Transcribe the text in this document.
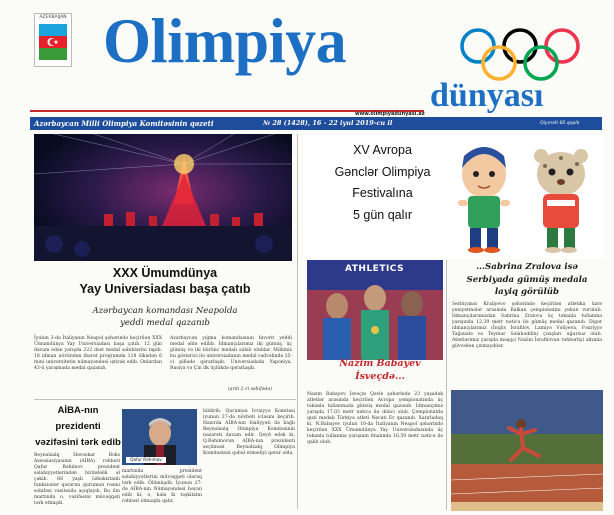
AZERBAIJAN Olimpiya
dünyası
www.olimpiyadunyasi.az
Azərbaycan Milli Olimpiya Komitəsinin qəzeti	№ 28 (1428), 16 - 22 iyul 2019-cu il	Qiyməti 60 qəpik
XXX Ümumdünya
Yay Universiadası başa çatıb
Azərbaycan komandası Neapolda
yeddi medal qazanıb
İyulun 3-də İtaliyanın Neapol şəhərində keçirilən XXX Ümumdünya Yay Universiadası başa çatıb. 12 gün davam edən yarışda 222 dəst medal sahiblərini tapıb. 18 idman növündən ibarət proqramda 118 ölkədən 6 mini universitetin nümayəndəsi iştirak edib. Onlardan 43-ü yarışmada medal qazanıb.
Azərbaycan yığma komandasının favorit yeddi medal əldə edilib. İdmançılarımız iki gümüş, üç gümüş və iki bürünc medalı sahib olublar. Millimiz bu göstərici ilə universiadanın medal cədvəlində 35-ci pillədə qərarlaşıb. Universiadada Yaponiya, Rusiya və Çin ilk üçlükdə qərarlaşıb.
(ardı 2-ci səhifədə)
XV Avropa
Gənclər Olimpiya
Festivalına
5 gün qalır
ATHLETICS
Nazim Babayev
İsveçdə...
Nazim Babayev İsveçin Qəvle şəhərində 23 yaşadək atletlər arasında keçirilən Avropa çempionatında üç təkanla tullanmada gümüş medal qazanıb. İdmançımız yarışda 17.03 metr nəticə ilə ikinci olub. Çempionatda qızıl medalı Türkiyə atleti Necati Er qazanıb. Xatırladaq ki, N.Babayev iyulun 10-da İtaliyanın Neapol şəhərində keçirilən XXX Ümumdünya Yay Universiadasında üç təkanla tullanma yarışının finalında 16,59 metr nəticə ilə qalib olub.
...Sabrina Zralova isə
Serbiyada gümüş medala
layiq görülüb
Serbiyanın Kraliyevo şəhərində keçirilən atletika üzrə yeniyetmələr arasında Balkan çempionatını yekun vurulub. İdmançılarımızdan Sabrina Zralova üç təkanla tullanma yarışında 12,39 metr nəticə ilə gümüş medal qazanıb. Digər idmançılarımız (İnqlis İsrafilov, Lamiyə Vəliyeva, Fəxriyyə Tağızadə və Teymur Səlahəddin) çıxışları uğursuz olub. Atletlərimiz yarışda məşqçi Nazim İsrafilovun rəhbərliyi altında güvvədən çıxmayıblar.
AİBA-nın
prezidenti
vəzifəsini tərk edib
Beynəlxalq Həvəskar Boks Assosiasiyasının (AİBA) rəhbəri Qafur Rəhimov prezident səlahiyyətlərindən birdəfəlik əl çəkib. 68 yaşlı özbəkistanlı funksioner qərarını qurumun rəsmi səhifəsi vasitəsilə açıqlayıb. Bu ilin martında o, vəzifəsini müvəqqəti tərk etmişdi.
Qafur Rəhimov
bildirib. Qurumun İcraiyyə Komitəsi iyunun 27-də növbəti iclasını keçirib. Hazırda AİBA-nın fəaliyyəti ilə bağlı Beynəlxalq Olimpiya Komitəsinin nəzarəti davam edir. Qeyd edək ki, Q.Rəhimovun AİBA-nın prezidenti seçilməsi Beynəlxalq Olimpiya Komitəsinin qəbul etmədiyi qərar oldu.
martında prezident səlahiyyətlərini müvəqqəti olaraq tərk edib. Ölümüşdü. İyunun 27-də AİBA-nın Nümayəndəsi bəyan edib ki, o, hələ ki təşkilatın rəhbəri olmaqda qalır.
